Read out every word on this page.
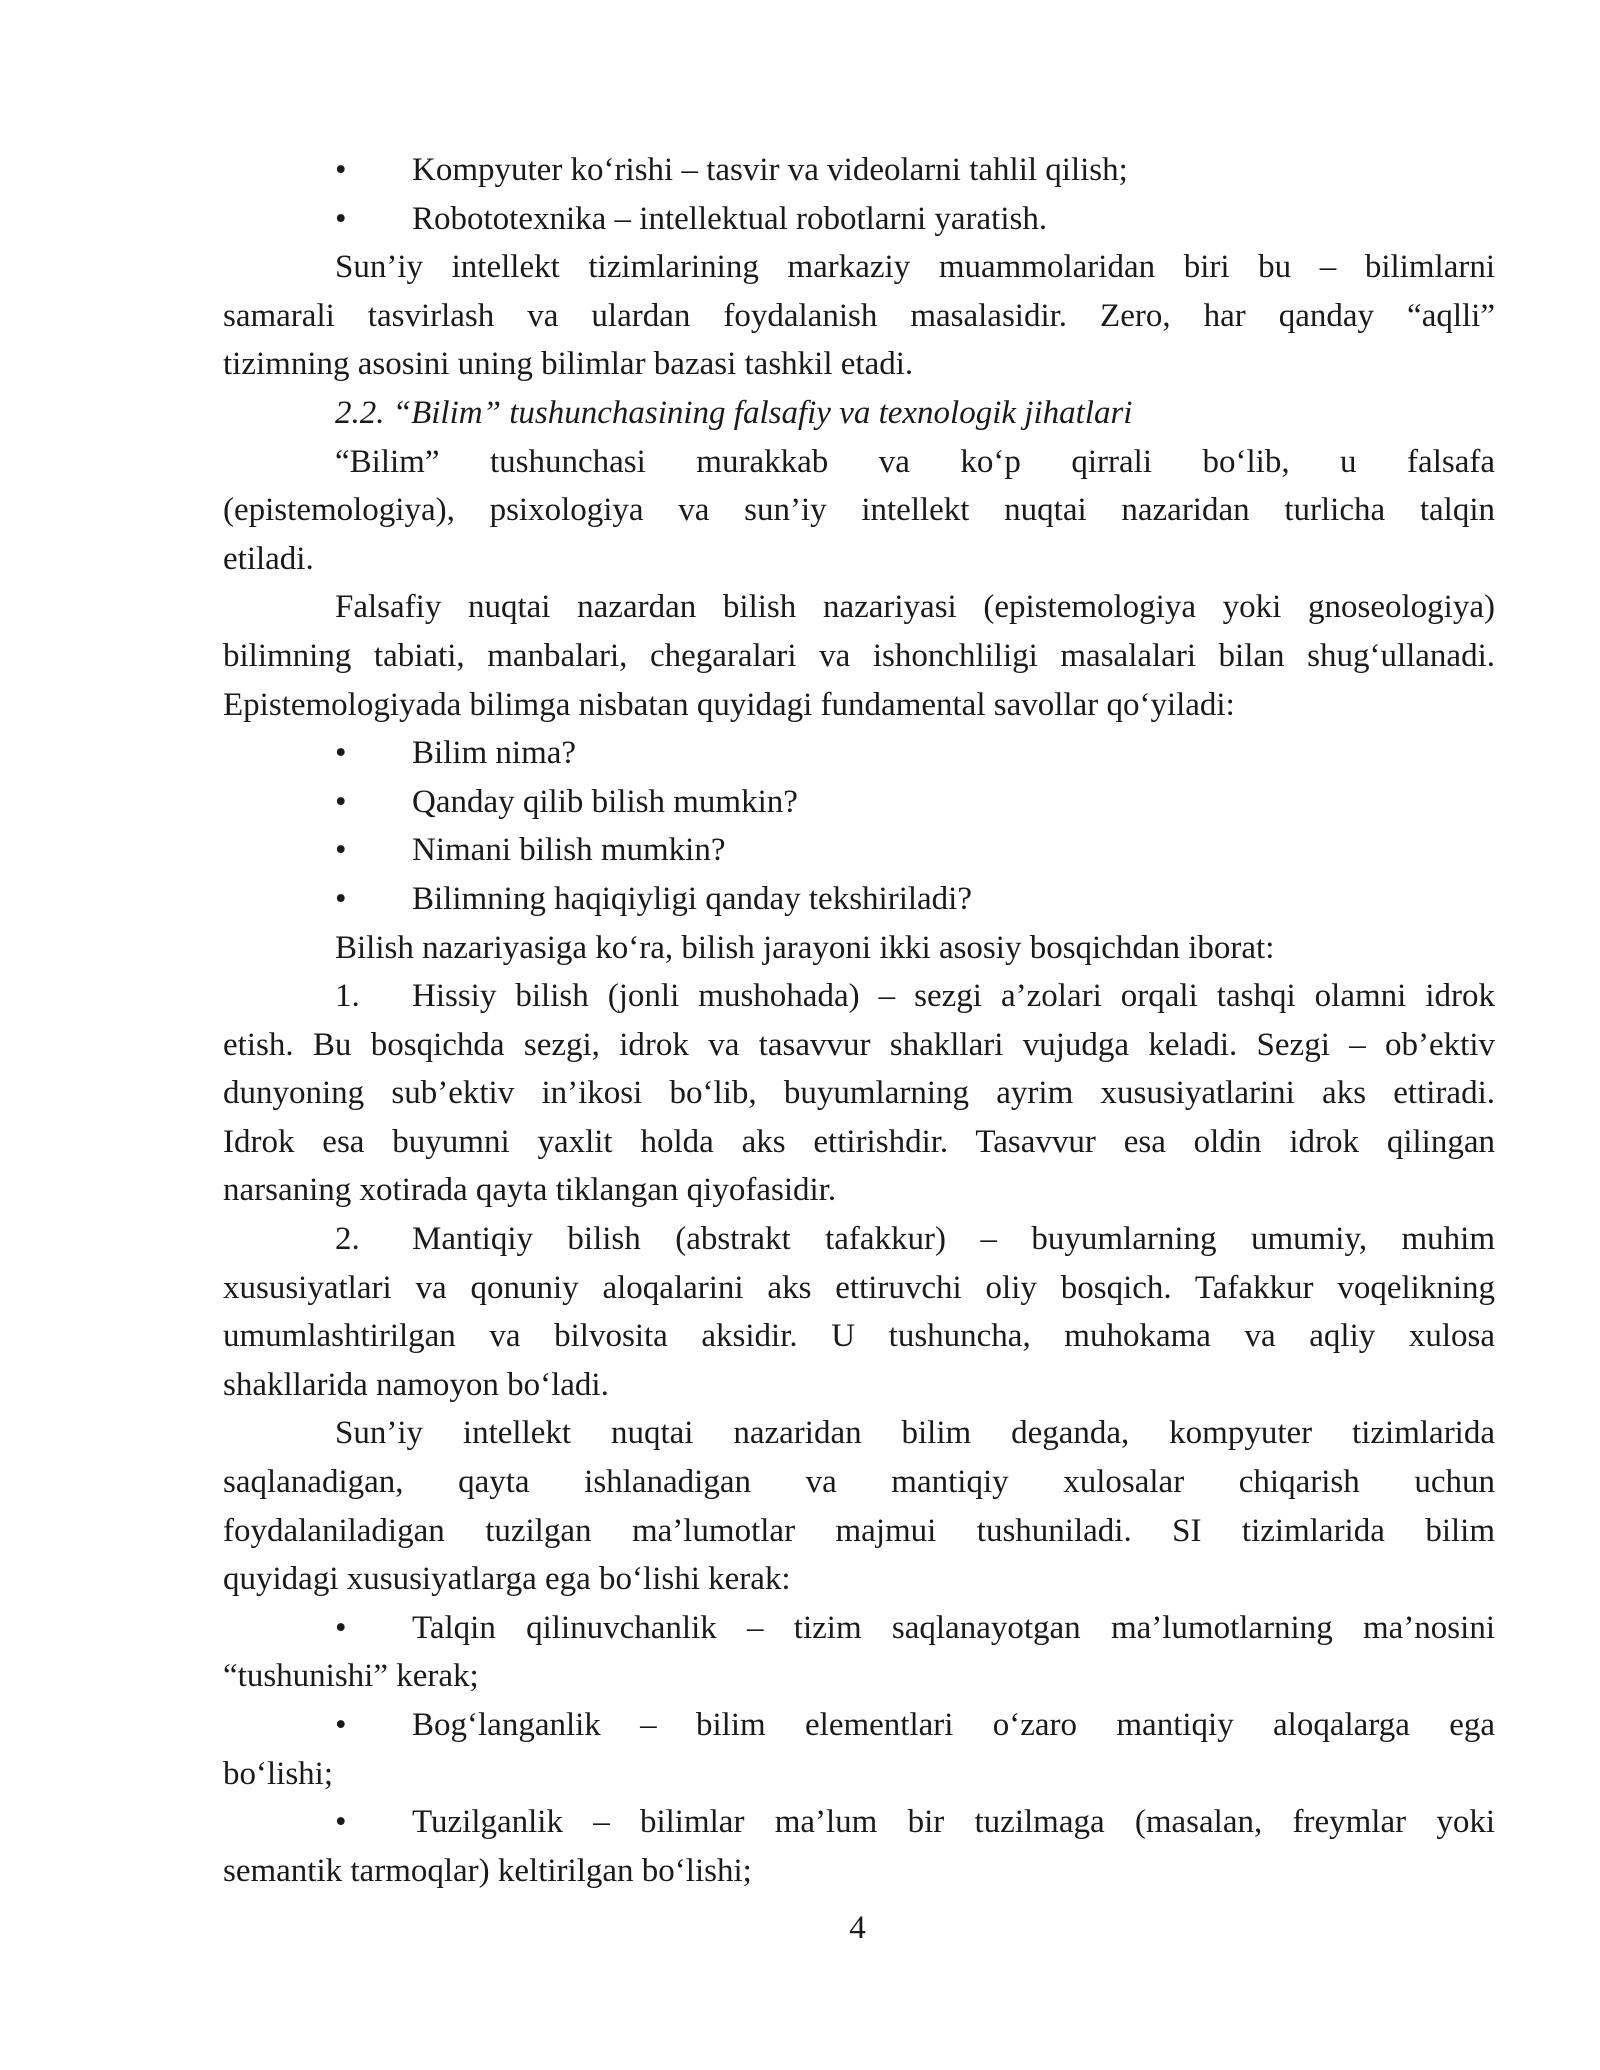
•	Kompyuter ko‘rishi – tasvir va videolarni tahlil qilish;
•	Robototexnika – intellektual robotlarni yaratish.
Sun’iy intellekt tizimlarining markaziy muammolaridan biri bu – bilimlarni
samarali tasvirlash va ulardan foydalanish masalasidir. Zero, har qanday “aqlli”
tizimning asosini uning bilimlar bazasi tashkil etadi.
2.2. “Bilim” tushunchasining falsafiy va texnologik jihatlari
“Bilim” tushunchasi murakkab va ko‘p qirrali bo‘lib, u falsafa
(epistemologiya), psixologiya va sun’iy intellekt nuqtai nazaridan turlicha talqin
etiladi.
Falsafiy nuqtai nazardan bilish nazariyasi (epistemologiya yoki gnoseologiya)
bilimning tabiati, manbalari, chegaralari va ishonchliligi masalalari bilan shug‘ullanadi.
Epistemologiyada bilimga nisbatan quyidagi fundamental savollar qo‘yiladi:
•	Bilim nima?
•	Qanday qilib bilish mumkin?
•	Nimani bilish mumkin?
•	Bilimning haqiqiyligi qanday tekshiriladi?
Bilish nazariyasiga ko‘ra, bilish jarayoni ikki asosiy bosqichdan iborat:
1.	Hissiy bilish (jonli mushohada) – sezgi a’zolari orqali tashqi olamni idrok
etish. Bu bosqichda sezgi, idrok va tasavvur shakllari vujudga keladi. Sezgi – ob’ektiv
dunyoning sub’ektiv in’ikosi bo‘lib, buyumlarning ayrim xususiyatlarini aks ettiradi.
Idrok esa buyumni yaxlit holda aks ettirishdir. Tasavvur esa oldin idrok qilingan
narsaning xotirada qayta tiklangan qiyofasidir.
2.	Mantiqiy bilish (abstrakt tafakkur) – buyumlarning umumiy, muhim
xususiyatlari va qonuniy aloqalarini aks ettiruvchi oliy bosqich. Tafakkur voqelikning
umumlashtirilgan va bilvosita aksidir. U tushuncha, muhokama va aqliy xulosa
shakllarida namoyon bo‘ladi.
Sun’iy intellekt nuqtai nazaridan bilim deganda, kompyuter tizimlarida
saqlanadigan, qayta ishlanadigan va mantiqiy xulosalar chiqarish uchun
foydalaniladigan tuzilgan ma’lumotlar majmui tushuniladi. SI tizimlarida bilim
quyidagi xususiyatlarga ega bo‘lishi kerak:
•	Talqin qilinuvchanlik – tizim saqlanayotgan ma’lumotlarning ma’nosini
“tushunishi” kerak;
•	Bog‘langanlik – bilim elementlari o‘zaro mantiqiy aloqalarga ega
bo‘lishi;
•	Tuzilganlik – bilimlar ma’lum bir tuzilmaga (masalan, freymlar yoki
semantik tarmoqlar) keltirilgan bo‘lishi;
4
